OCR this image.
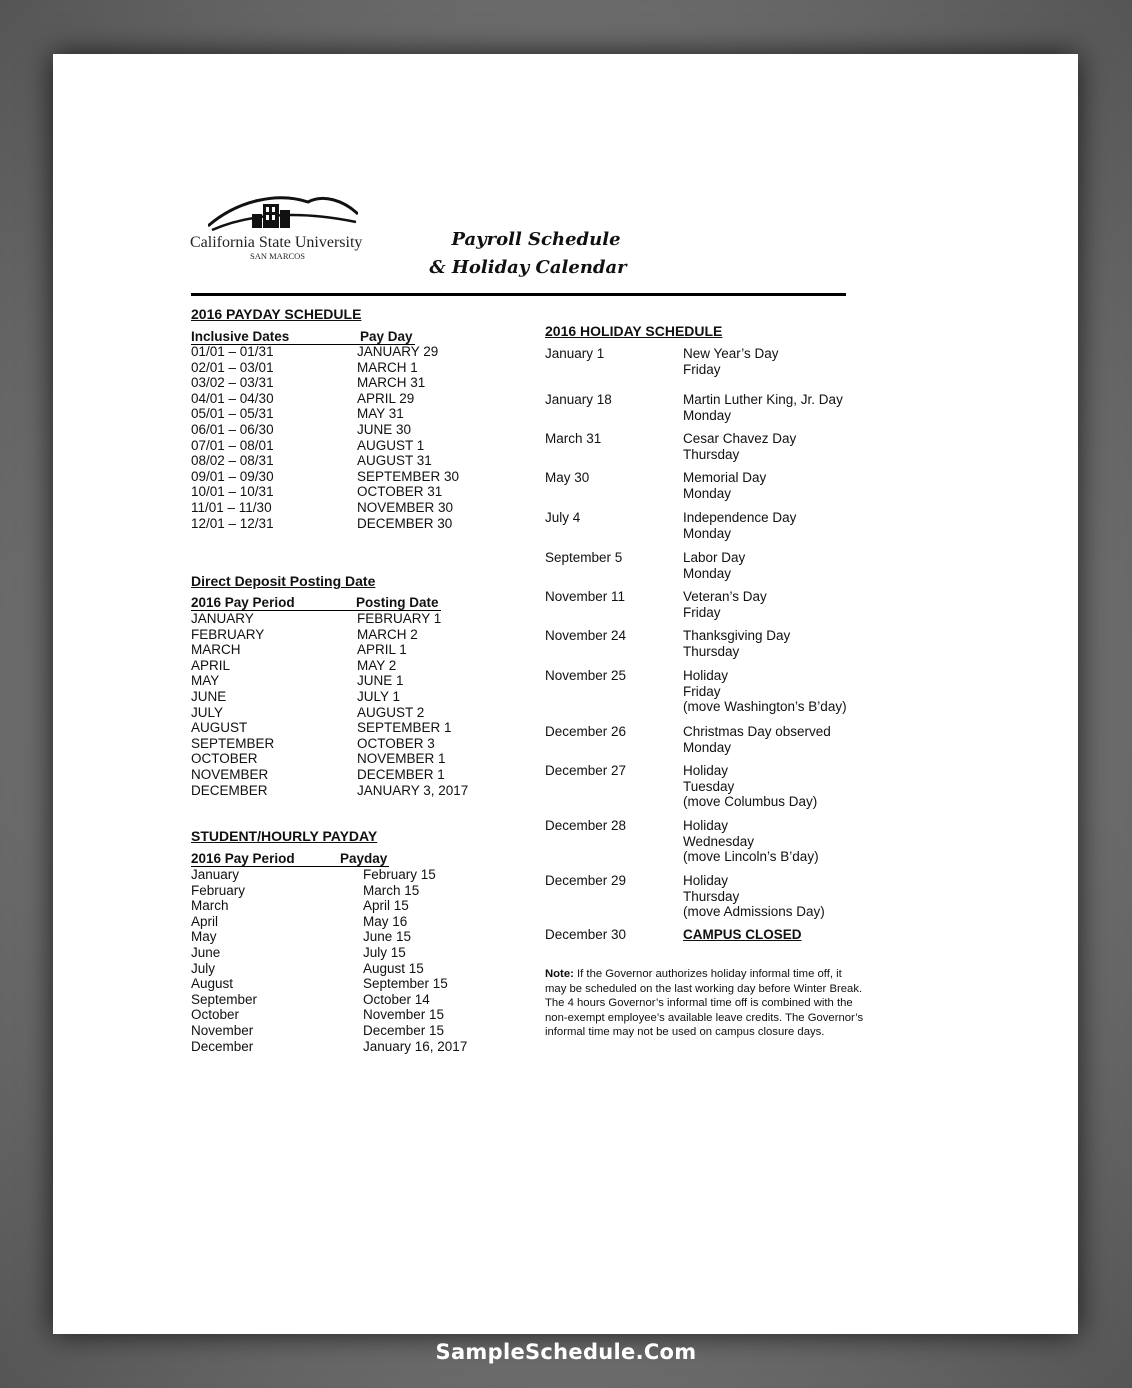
California State University
SAN MARCOS
Payroll Schedule
& Holiday Calendar
2016 PAYDAY SCHEDULE
Inclusive Dates	Pay Day
01/01 – 01/31	JANUARY 29
02/01 – 03/01	MARCH 1
03/02 – 03/31	MARCH 31
04/01 – 04/30	APRIL 29
05/01 – 05/31	MAY 31
06/01 – 06/30	JUNE 30
07/01 – 08/01	AUGUST 1
08/02 – 08/31	AUGUST 31
09/01 – 09/30	SEPTEMBER 30
10/01 – 10/31	OCTOBER 31
11/01 – 11/30	NOVEMBER 30
12/01 – 12/31	DECEMBER 30
Direct Deposit Posting Date
2016 Pay Period	Posting Date
JANUARY	FEBRUARY 1
FEBRUARY	MARCH 2
MARCH	APRIL 1
APRIL	MAY 2
MAY	JUNE 1
JUNE	JULY 1
JULY	AUGUST 2
AUGUST	SEPTEMBER 1
SEPTEMBER	OCTOBER 3
OCTOBER	NOVEMBER 1
NOVEMBER	DECEMBER 1
DECEMBER	JANUARY 3, 2017
STUDENT/HOURLY PAYDAY
2016 Pay Period	Payday
January	February 15
February	March 15
March	April 15
April	May 16
May	June 15
June	July 15
July	August 15
August	September 15
September	October 14
October	November 15
November	December 15
December	January 16, 2017
2016 HOLIDAY SCHEDULE
January 1	New Year’s Day
Friday
January 18	Martin Luther King, Jr. Day
Monday
March 31	Cesar Chavez Day
Thursday
May 30	Memorial Day
Monday
July 4	Independence Day
Monday
September 5	Labor Day
Monday
November 11	Veteran’s Day
Friday
November 24	Thanksgiving Day
Thursday
November 25	Holiday
Friday
(move Washington’s B’day)
December 26	Christmas Day observed
Monday
December 27	Holiday
Tuesday
(move Columbus Day)
December 28	Holiday
Wednesday
(move Lincoln’s B’day)
December 29	Holiday
Thursday
(move Admissions Day)
December 30	CAMPUS CLOSED
Note: If the Governor authorizes holiday informal time off, it may be scheduled on the last working day before Winter Break. The 4 hours Governor’s informal time off is combined with the non-exempt employee’s available leave credits. The Governor’s informal time may not be used on campus closure days.
SampleSchedule.Com
